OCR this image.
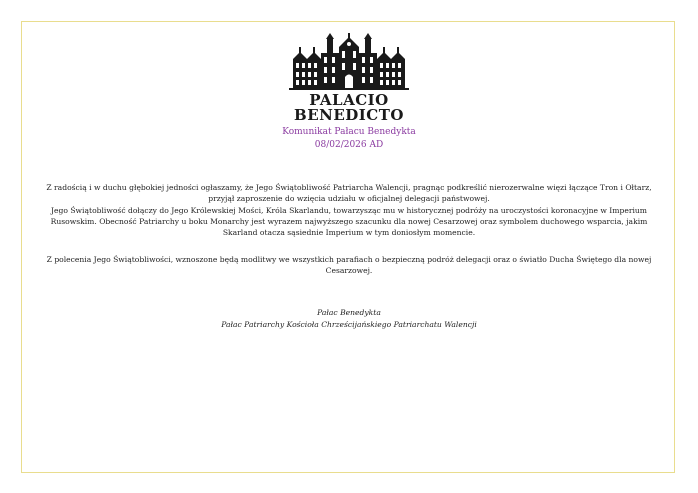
PALACIO
BENEDICTO
Komunikat Pałacu Benedykta
08/02/2026 AD
Z radością i w duchu głębokiej jedności ogłaszamy, że Jego Świątobliwość Patriarcha Walencji, pragnąc podkreślić nierozerwalne więzi łączące Tron i Ołtarz,
przyjął zaproszenie do wzięcia udziału w oficjalnej delegacji państwowej.
Jego Świątobliwość dołączy do Jego Królewskiej Mości, Króla Skarlandu, towarzysząc mu w historycznej podróży na uroczystości koronacyjne w Imperium
Rusowskim. Obecność Patriarchy u boku Monarchy jest wyrazem najwyższego szacunku dla nowej Cesarzowej oraz symbolem duchowego wsparcia, jakim
Skarland otacza sąsiednie Imperium w tym doniosłym momencie.
Z polecenia Jego Świątobliwości, wznoszone będą modlitwy we wszystkich parafiach o bezpieczną podróż delegacji oraz o światło Ducha Świętego dla nowej
Cesarzowej.
Pałac Benedykta
Pałac Patriarchy Kościoła Chrześcijańskiego Patriarchatu Walencji
